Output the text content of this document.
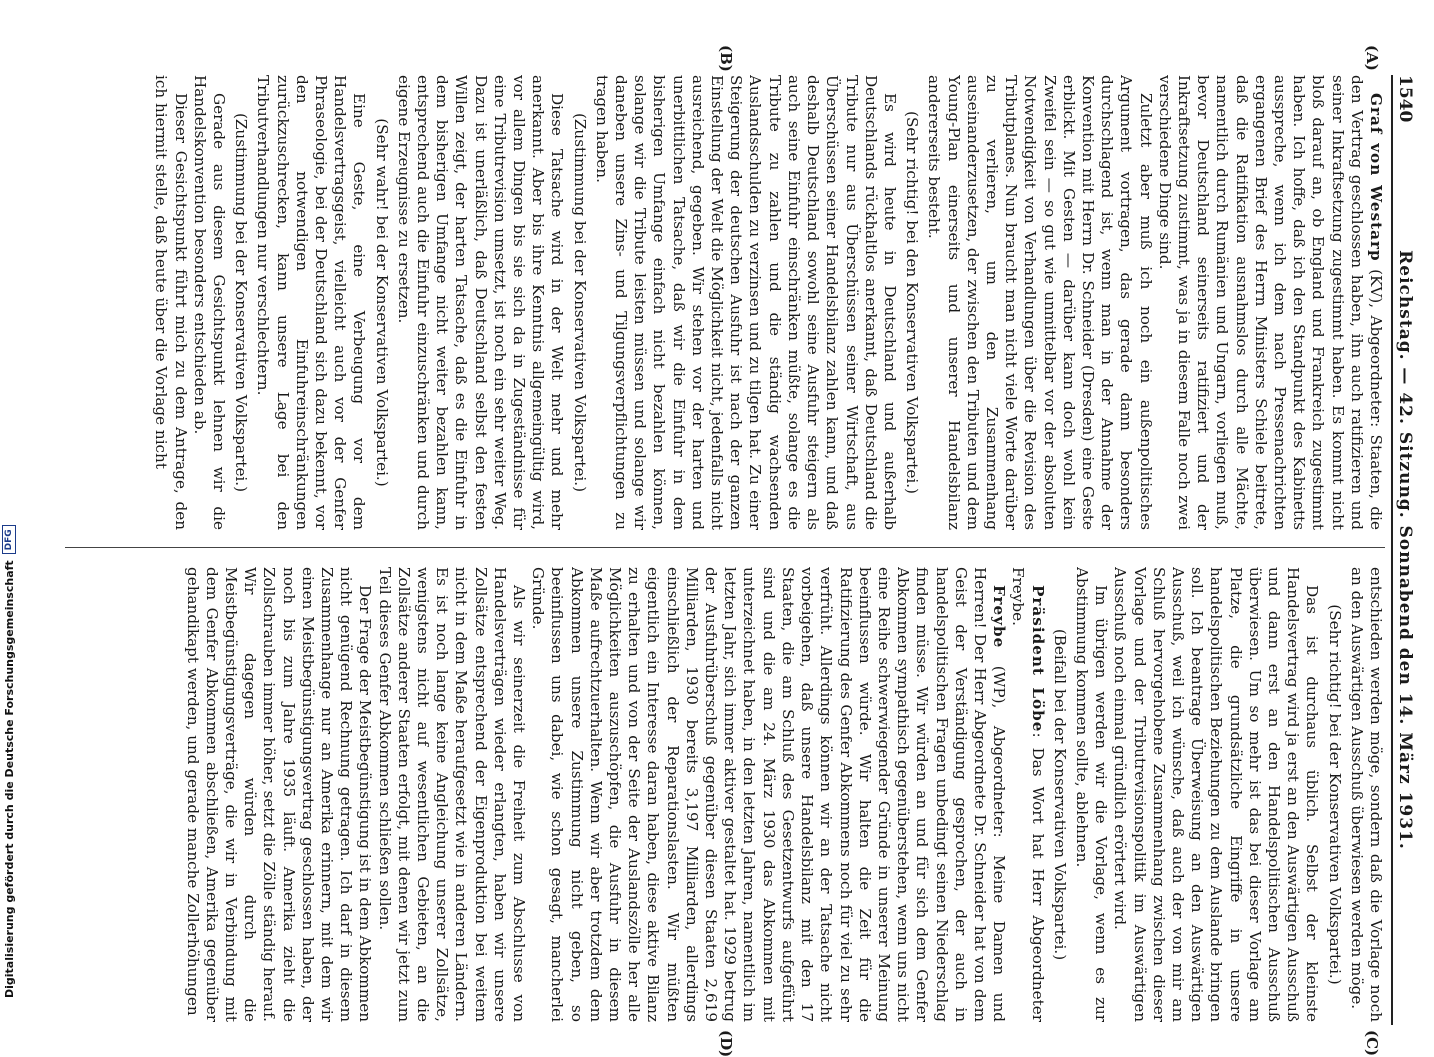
1540
Reichstag. — 42. Sitzung. Sonnabend den 14. März 1931.
(A)
(B)
(C)
(D)

Graf von Westarp (KV), Abgeordneter: Staaten, die den Vertrag geschlossen haben, ihn auch ratifizieren und seiner Inkraftsetzung zugestimmt haben. Es kommt nicht bloß darauf an, ob England und Frankreich zugestimmt haben. Ich hoffe, daß ich den Standpunkt des Kabinetts ausspreche, wenn ich dem nach Pressenachrichten ergangenen Brief des Herrn Ministers Schiele beitrete, daß die Ratifikation ausnahmslos durch alle Mächte, namentlich durch Rumänien und Ungarn, vorliegen muß, bevor Deutschland seinerseits ratifiziert und der Inkraftsetzung zustimmt, was ja in diesem Falle noch zwei verschiedene Dinge sind.

Zuletzt aber muß ich noch ein außenpolitisches Argument vortragen, das gerade dann besonders durchschlagend ist, wenn man in der Annahme der Konvention mit Herrn Dr. Schneider (Dresden) eine Geste erblickt. Mit Gesten — darüber kann doch wohl kein Zweifel sein — so gut wie unmittelbar vor der absoluten Notwendigkeit von Verhandlungen über die Revision des Tributplanes. Nun braucht man nicht viele Worte darüber zu verlieren, um den Zusammenhang auseinanderzusetzen, der zwischen den Tributen und dem Young-Plan einerseits und unserer Handelsbilanz andererseits besteht.

(Sehr richtig! bei den Konservativen Volkspartei.)

Es wird heute in Deutschland und außerhalb Deutschlands rückhaltlos anerkannt, daß Deutschland die Tribute nur aus Überschüssen seiner Wirtschaft, aus Überschüssen seiner Handelsbilanz zahlen kann, und daß deshalb Deutschland sowohl seine Ausfuhr steigern als auch seine Einfuhr einschränken müßte, solange es die Tribute zu zahlen und die ständig wachsenden Auslandsschulden zu verzinsen und zu tilgen hat. Zu einer Steigerung der deutschen Ausfuhr ist nach der ganzen Einstellung der Welt die Möglichkeit nicht, jedenfalls nicht ausreichend, gegeben. Wir stehen vor der harten und unerbittlichen Tatsache, daß wir die Einfuhr in dem bisherigen Umfange einfach nicht bezahlen können, solange wir die Tribute leisten müssen und solange wir daneben unsere Zins- und Tilgungsverpflichtungen zu tragen haben.

(Zustimmung bei der Konservativen Volkspartei.)

Diese Tatsache wird in der Welt mehr und mehr anerkannt. Aber bis ihre Kenntnis allgemeingültig wird, vor allem Dingen bis sie sich da in Zugeständnisse für eine Tributrevision umsetzt, ist noch ein sehr weiter Weg. Dazu ist unerläßlich, daß Deutschland selbst den festen Willen zeigt, der harten Tatsache, daß es die Einfuhr in dem bisherigen Umfange nicht weiter bezahlen kann, entsprechend auch die Einfuhr einzuschränken und durch eigene Erzeugnisse zu ersetzen.

(Sehr wahr! bei der Konservativen Volkspartei.)

Eine Geste, eine Verbeugung vor dem Handelsvertragsgeist, vielleicht auch vor der Genfer Phraseologie, bei der Deutschland sich dazu bekennt, vor den notwendigen Einfuhreinschränkungen zurückzuschrecken, kann unsere Lage bei den Tributverhandlungen nur verschlechtern.

(Zustimmung bei der Konservativen Volkspartei.)

Gerade aus diesem Gesichtspunkt lehnen wir die Handelskonvention besonders entschieden ab.

Dieser Gesichtspunkt führt mich zu dem Antrage, den ich hiermit stelle, daß heute über die Vorlage nicht

entschieden werden möge, sondern daß die Vorlage noch an den Auswärtigen Ausschuß überwiesen werden möge.

(Sehr richtig! bei der Konservativen Volkspartei.)

Das ist durchaus üblich. Selbst der kleinste Handelsvertrag wird ja erst an den Auswärtigen Ausschuß und dann erst an den Handelspolitischen Ausschuß überwiesen. Um so mehr ist das bei dieser Vorlage am Platze, die grundsätzliche Eingriffe in unsere handelspolitischen Beziehungen zu dem Auslande bringen soll. Ich beantrage Überweisung an den Auswärtigen Ausschuß, weil ich wünsche, daß auch der von mir am Schluß hervorgehobene Zusammenhang zwischen dieser Vorlage und der Tributrevisionspolitik im Auswärtigen Ausschuß noch einmal gründlich erörtert wird.

Im übrigen werden wir die Vorlage, wenn es zur Abstimmung kommen sollte, ablehnen.

(Beifall bei der Konservativen Volkspartei.)

Präsident Löbe: Das Wort hat Herr Abgeordneter Freybe.

Freybe (WP), Abgeordneter: Meine Damen und Herren! Der Herr Abgeordnete Dr. Schneider hat von dem Geist der Verständigung gesprochen, der auch in handelspolitischen Fragen unbedingt seinen Niederschlag finden müsse. Wir würden an und für sich dem Genfer Abkommen sympathisch gegenüberstehen, wenn uns nicht eine Reihe schwerwiegender Gründe in unserer Meinung beeinflussen würde. Wir halten die Zeit für die Ratifizierung des Genfer Abkommens noch für viel zu sehr verfrüht. Allerdings können wir an der Tatsache nicht vorbeigehen, daß unsere Handelsbilanz mit den 17 Staaten, die am Schluß des Gesetzentwurfs aufgeführt sind und die am 24. März 1930 das Abkommen mit unterzeichnet haben, in den letzten Jahren, namentlich im letzten Jahr, sich immer aktiver gestaltet hat. 1929 betrug der Ausfuhrüberschuß gegenüber diesen Staaten 2,619 Milliarden, 1930 bereits 3,197 Milliarden, allerdings einschließlich der Reparationslasten. Wir müßten eigentlich ein Interesse daran haben, diese aktive Bilanz zu erhalten und von der Seite der Auslandszölle her alle Möglichkeiten auszuschöpfen, die Ausfuhr in diesem Maße aufrechtzuerhalten. Wenn wir aber trotzdem dem Abkommen unsere Zustimmung nicht geben, so beeinflussen uns dabei, wie schon gesagt, mancherlei Gründe.

Als wir seinerzeit die Freiheit zum Abschlusse von Handelsverträgen wieder erlangten, haben wir unsere Zollsätze entsprechend der Eigenproduktion bei weitem nicht in dem Maße heraufgesetzt wie in anderen Ländern. Es ist noch lange keine Angleichung unserer Zollsätze, wenigstens nicht auf wesentlichen Gebieten, an die Zollsätze anderer Staaten erfolgt, mit denen wir jetzt zum Teil dieses Genfer Abkommen schließen sollen.

Der Frage der Meistbegünstigung ist in dem Abkommen nicht genügend Rechnung getragen. Ich darf in diesem Zusammenhange nur an Amerika erinnern, mit dem wir einen Meistbegünstigungsvertrag geschlossen haben, der noch bis zum Jahre 1935 läuft. Amerika zieht die Zollschrauben immer höher, setzt die Zölle ständig herauf. Wir dagegen würden durch die Meistbegünstigungsverträge, die wir in Verbindung mit dem Genfer Abkommen abschließen, Amerika gegenüber gehandikapt werden, und gerade manche Zollerhöhungen

Digitalisierung gefördert durch die Deutsche Forschungsgemeinschaft
DFG
